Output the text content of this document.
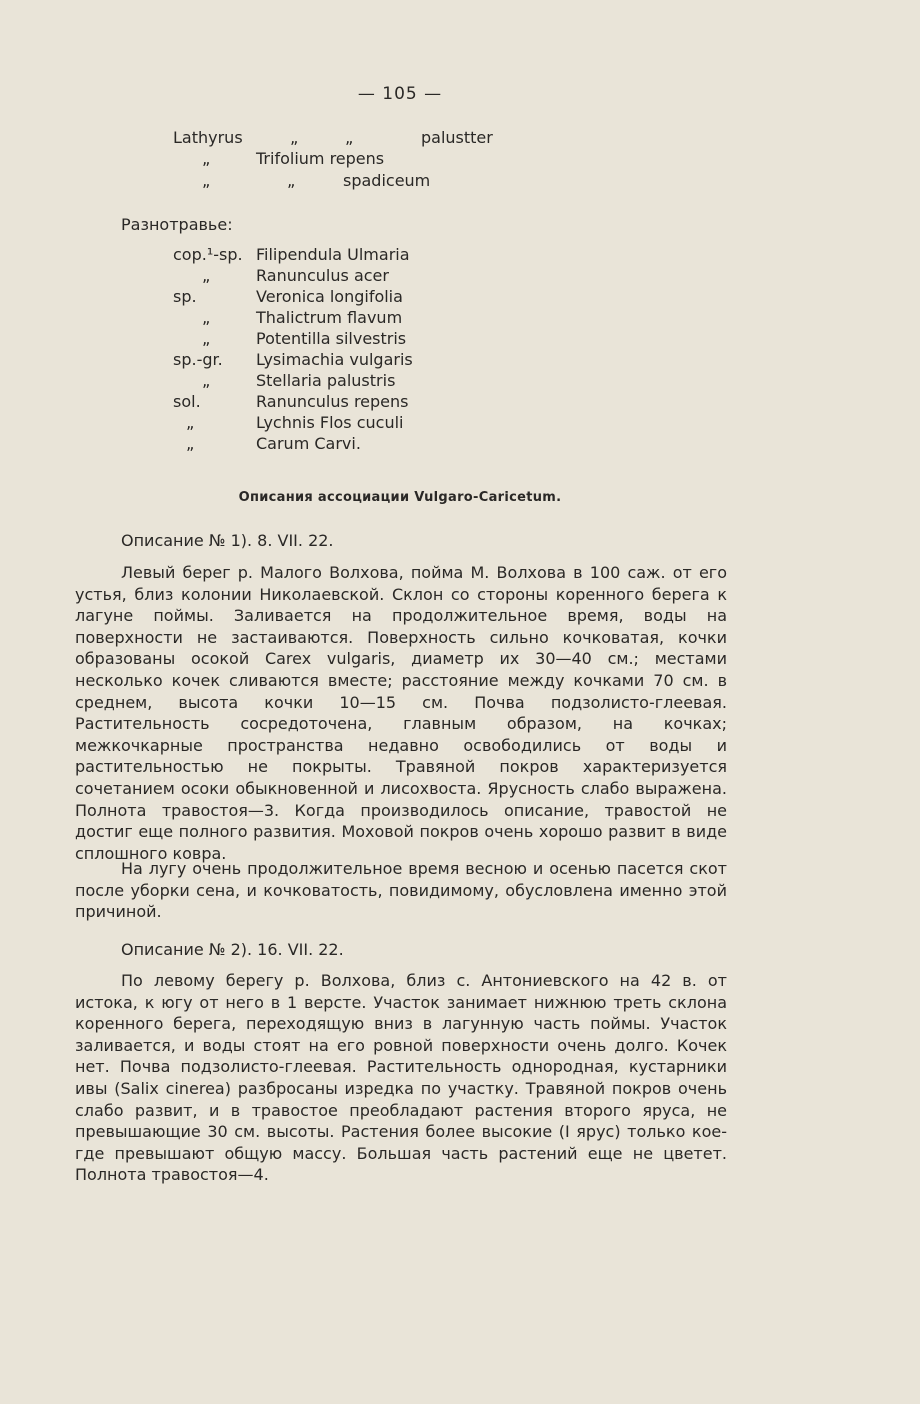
— 105 —
Lathyrus	„	„	palustter
„	Trifolium repens
„	„	spadiceum
Разнотравье:
cop.¹-sp. Filipendula Ulmaria
„	Ranunculus acer
sp.	Veronica longifolia
„	Thalictrum flavum
„	Potentilla silvestris
sp.-gr. Lysimachia vulgaris
„	Stellaria palustris
sol.	Ranunculus repens
„	Lychnis Flos cuculi
„	Carum Carvi.
Описания ассоциации Vulgaro-Caricetum.
Описание № 1). 8. VII. 22.

Левый берег р. Малого Волхова, пойма М. Волхова в 100 саж. от его устья, близ колонии Николаевской. Склон со стороны коренного берега к лагуне поймы. Заливается на продолжительное время, воды на поверхности не застаиваются. Поверхность сильно кочковатая, кочки образованы осокой Carex vulgaris, диаметр их 30—40 см.; местами несколько кочек сливаются вместе; расстояние между кочками 70 см. в среднем, высота кочки 10—15 см. Почва подзолисто-глеевая. Растительность сосредоточена, главным образом, на кочках; межкочкарные пространства недавно освободились от воды и растительностью не покрыты. Травяной покров характеризуется сочетанием осоки обыкновенной и лисохвоста. Ярусность слабо выражена. Полнота травостоя—3. Когда производилось описание, травостой не достиг еще полного развития. Моховой покров очень хорошо развит в виде сплошного ковра.

На лугу очень продолжительное время весною и осенью пасется скот после уборки сена, и кочковатость, повидимому, обусловлена именно этой причиной.

Описание № 2). 16. VII. 22.

По левому берегу р. Волхова, близ с. Антониевского на 42 в. от истока, к югу от него в 1 версте. Участок занимает нижнюю треть склона коренного берега, переходящую вниз в лагунную часть поймы. Участок заливается, и воды стоят на его ровной поверхности очень долго. Кочек нет. Почва подзолисто-глеевая. Растительность однородная, кустарники ивы (Salix cinerea) разбросаны изредка по участку. Травяной покров очень слабо развит, и в травостое преобладают растения второго яруса, не превышающие 30 см. высоты. Растения более высокие (I ярус) только кое-где превышают общую массу. Большая часть растений еще не цветет. Полнота травостоя—4.
